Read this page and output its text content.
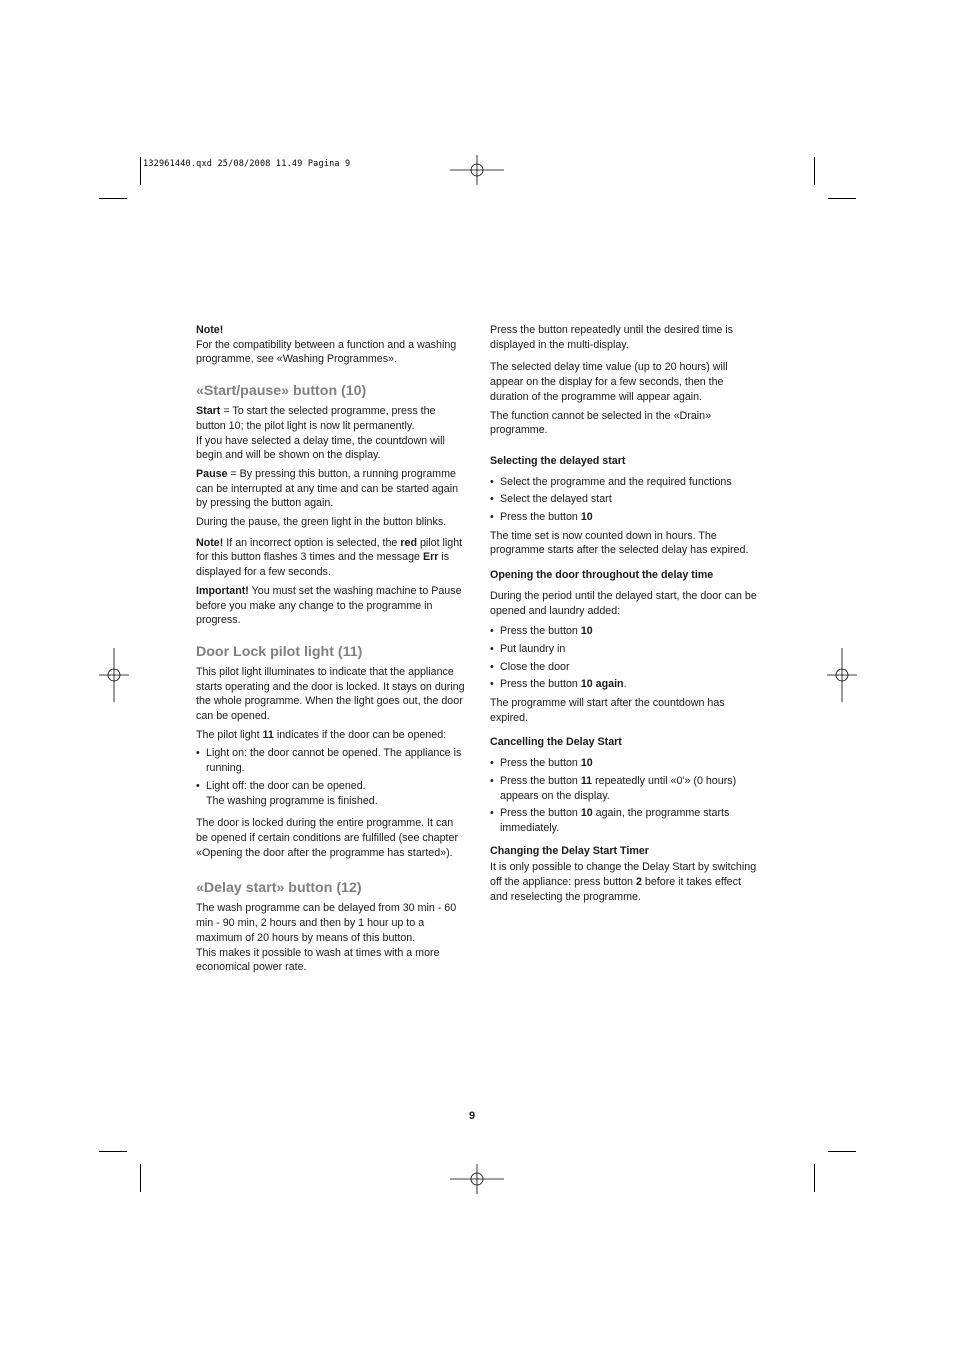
132961440.qxd 25/08/2008 11.49 Pagina 9

Note!

For the compatibility between a function and a washing programme, see «Washing Programmes».

«Start/pause» button (10)

Start = To start the selected programme, press the button 10; the pilot light is now lit permanently.

If you have selected a delay time, the countdown will begin and will be shown on the display.

Pause = By pressing this button, a running programme can be interrupted at any time and can be started again by pressing the button again.

During the pause, the green light in the button blinks.

Note! If an incorrect option is selected, the red pilot light for this button flashes 3 times and the message Err is displayed for a few seconds.

Important! You must set the washing machine to Pause before you make any change to the programme in progress.

Door Lock pilot light (11)

This pilot light illuminates to indicate that the appliance starts operating and the door is locked. It stays on during the whole programme. When the light goes out, the door can be opened.

The pilot light 11 indicates if the door can be opened:

• Light on: the door cannot be opened. The appliance is running.
• Light off: the door can be opened.
The washing programme is finished.

The door is locked during the entire programme. It can be opened if certain conditions are fulfilled (see chapter «Opening the door after the programme has started»).

«Delay start» button (12)

The wash programme can be delayed from 30 min - 60 min - 90 min, 2 hours and then by 1 hour up to a maximum of 20 hours by means of this button.

This makes it possible to wash at times with a more economical power rate.

Press the button repeatedly until the desired time is displayed in the multi-display.

The selected delay time value (up to 20 hours) will appear on the display for a few seconds, then the duration of the programme will appear again.

The function cannot be selected in the «Drain» programme.

Selecting the delayed start
• Select the programme and the required functions
• Select the delayed start
• Press the button 10

The time set is now counted down in hours. The programme starts after the selected delay has expired.

Opening the door throughout the delay time

During the period until the delayed start, the door can be opened and laundry added:

• Press the button 10
• Put laundry in
• Close the door
• Press the button 10 again.

The programme will start after the countdown has expired.

Cancelling the Delay Start
• Press the button 10
• Press the button 11 repeatedly until «0'» (0 hours) appears on the display.
• Press the button 10 again, the programme starts immediately.
Changing the Delay Start Timer

It is only possible to change the Delay Start by switching off the appliance: press button 2 before it takes effect and reselecting the programme.

9
